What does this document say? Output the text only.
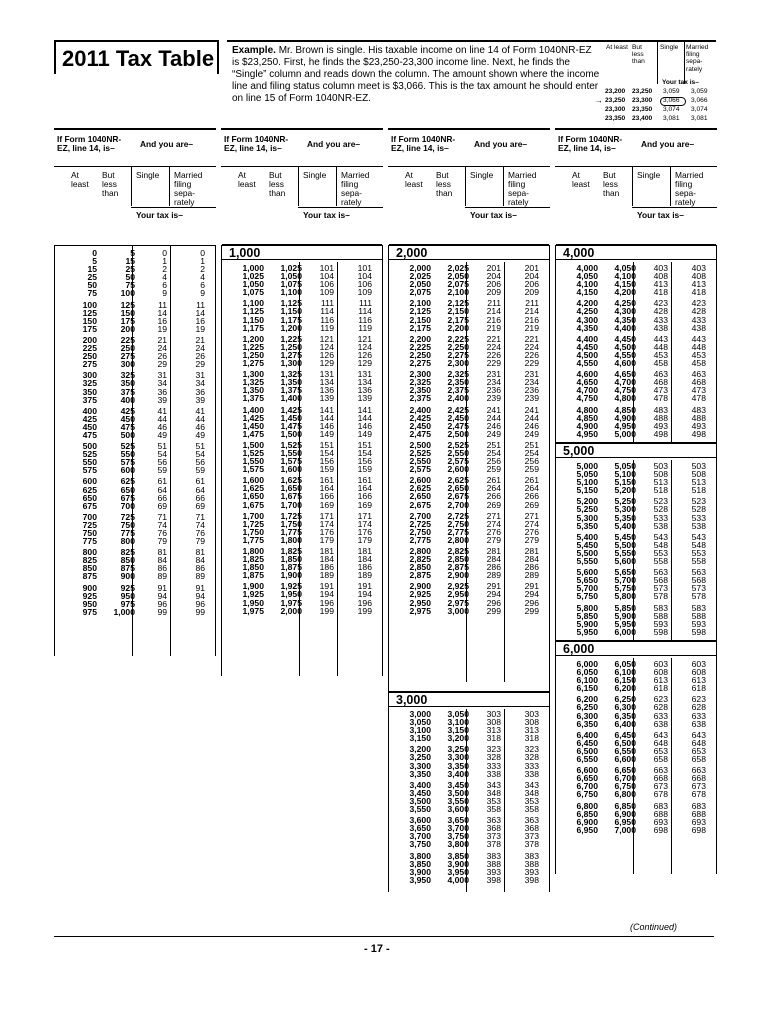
2011 Tax Table	Example. Mr. Brown is single. His taxable income on line 14 of Form 1040NR-EZ is $23,250. First, he finds the $23,250-23,300 income line. Next, he finds the “Single” column and reads down the column. The amount shown where the income line and filing status column meet is $3,066. This is the tax amount he should enter on line 15 of Form 1040NR-EZ.
At least But less than
Single Married filing sepa- rately
Your tax is–
23,200 23,250 3,059 3,059
→ 23,250 23,300 3,066 3,066
23,300 23,350 3,074 3,074
23,350 23,400 3,081 3,081
If Form 1040NR-EZ, line 14, is–	And you are–
At least
But less than
Single Married filing sepa- rately
Your tax is–
0	5	0	0
5	15	1	1
15	25	2	2
25	50	4	4
50	75	6	6
75	100	9	9
100	125	11	11
125	150	14	14
150	175	16	16
175	200	19	19
200	225	21	21
225	250	24	24
250	275	26	26
275	300	29	29
300	325	31	31
325	350	34	34
350	375	36	36
375	400	39	39
400	425	41	41
425	450	44	44
450	475	46	46
475	500	49	49
500	525	51	51
525	550	54	54
550	575	56	56
575	600	59	59
600	625	61	61
625	650	64	64
650	675	66	66
675	700	69	69
700	725	71	71
725	750	74	74
750	775	76	76
775	800	79	79
800	825	81	81
825	850	84	84
850	875	86	86
875	900	89	89
900	925	91	91
925	950	94	94
950	975	96	96
975	1,000	99	99
If Form 1040NR-EZ, line 14, is–	And you are–
At least
But less than
Single Married filing sepa- rately
Your tax is–
1,000
1,000	1,025	101	101
1,025	1,050	104	104
1,050	1,075	106	106
1,075	1,100	109	109
1,100	1,125	111	111
1,125	1,150	114	114
1,150	1,175	116	116
1,175	1,200	119	119
1,200	1,225	121	121
1,225	1,250	124	124
1,250	1,275	126	126
1,275	1,300	129	129
1,300	1,325	131	131
1,325	1,350	134	134
1,350	1,375	136	136
1,375	1,400	139	139
1,400	1,425	141	141
1,425	1,450	144	144
1,450	1,475	146	146
1,475	1,500	149	149
1,500	1,525	151	151
1,525	1,550	154	154
1,550	1,575	156	156
1,575	1,600	159	159
1,600	1,625	161	161
1,625	1,650	164	164
1,650	1,675	166	166
1,675	1,700	169	169
1,700	1,725	171	171
1,725	1,750	174	174
1,750	1,775	176	176
1,775	1,800	179	179
1,800	1,825	181	181
1,825	1,850	184	184
1,850	1,875	186	186
1,875	1,900	189	189
1,900	1,925	191	191
1,925	1,950	194	194
1,950	1,975	196	196
1,975	2,000	199	199
If Form 1040NR-EZ, line 14, is–	And you are–
At least
But less than
Single Married filing sepa- rately
Your tax is–
2,000
2,000	2,025	201	201
2,025	2,050	204	204
2,050	2,075	206	206
2,075	2,100	209	209
2,100	2,125	211	211
2,125	2,150	214	214
2,150	2,175	216	216
2,175	2,200	219	219
2,200	2,225	221	221
2,225	2,250	224	224
2,250	2,275	226	226
2,275	2,300	229	229
2,300	2,325	231	231
2,325	2,350	234	234
2,350	2,375	236	236
2,375	2,400	239	239
2,400	2,425	241	241
2,425	2,450	244	244
2,450	2,475	246	246
2,475	2,500	249	249
2,500	2,525	251	251
2,525	2,550	254	254
2,550	2,575	256	256
2,575	2,600	259	259
2,600	2,625	261	261
2,625	2,650	264	264
2,650	2,675	266	266
2,675	2,700	269	269
2,700	2,725	271	271
2,725	2,750	274	274
2,750	2,775	276	276
2,775	2,800	279	279
2,800	2,825	281	281
2,825	2,850	284	284
2,850	2,875	286	286
2,875	2,900	289	289
2,900	2,925	291	291
2,925	2,950	294	294
2,950	2,975	296	296
2,975	3,000	299	299
3,000
3,000	3,050	303	303
3,050	3,100	308	308
3,100	3,150	313	313
3,150	3,200	318	318
3,200	3,250	323	323
3,250	3,300	328	328
3,300	3,350	333	333
3,350	3,400	338	338
3,400	3,450	343	343
3,450	3,500	348	348
3,500	3,550	353	353
3,550	3,600	358	358
3,600	3,650	363	363
3,650	3,700	368	368
3,700	3,750	373	373
3,750	3,800	378	378
3,800	3,850	383	383
3,850	3,900	388	388
3,900	3,950	393	393
3,950	4,000	398	398
If Form 1040NR-EZ, line 14, is–	And you are–
At least
But less than
Single Married filing sepa- rately
Your tax is–
4,000
4,000	4,050	403	403
4,050	4,100	408	408
4,100	4,150	413	413
4,150	4,200	418	418
4,200	4,250	423	423
4,250	4,300	428	428
4,300	4,350	433	433
4,350	4,400	438	438
4,400	4,450	443	443
4,450	4,500	448	448
4,500	4,550	453	453
4,550	4,600	458	458
4,600	4,650	463	463
4,650	4,700	468	468
4,700	4,750	473	473
4,750	4,800	478	478
4,800	4,850	483	483
4,850	4,900	488	488
4,900	4,950	493	493
4,950	5,000	498	498
5,000
5,000	5,050	503	503
5,050	5,100	508	508
5,100	5,150	513	513
5,150	5,200	518	518
5,200	5,250	523	523
5,250	5,300	528	528
5,300	5,350	533	533
5,350	5,400	538	538
5,400	5,450	543	543
5,450	5,500	548	548
5,500	5,550	553	553
5,550	5,600	558	558
5,600	5,650	563	563
5,650	5,700	568	568
5,700	5,750	573	573
5,750	5,800	578	578
5,800	5,850	583	583
5,850	5,900	588	588
5,900	5,950	593	593
5,950	6,000	598	598
6,000
6,000	6,050	603	603
6,050	6,100	608	608
6,100	6,150	613	613
6,150	6,200	618	618
6,200	6,250	623	623
6,250	6,300	628	628
6,300	6,350	633	633
6,350	6,400	638	638
6,400	6,450	643	643
6,450	6,500	648	648
6,500	6,550	653	653
6,550	6,600	658	658
6,600	6,650	663	663
6,650	6,700	668	668
6,700	6,750	673	673
6,750	6,800	678	678
6,800	6,850	683	683
6,850	6,900	688	688
6,900	6,950	693	693
6,950	7,000	698	698
(Continued)
- 17 -
